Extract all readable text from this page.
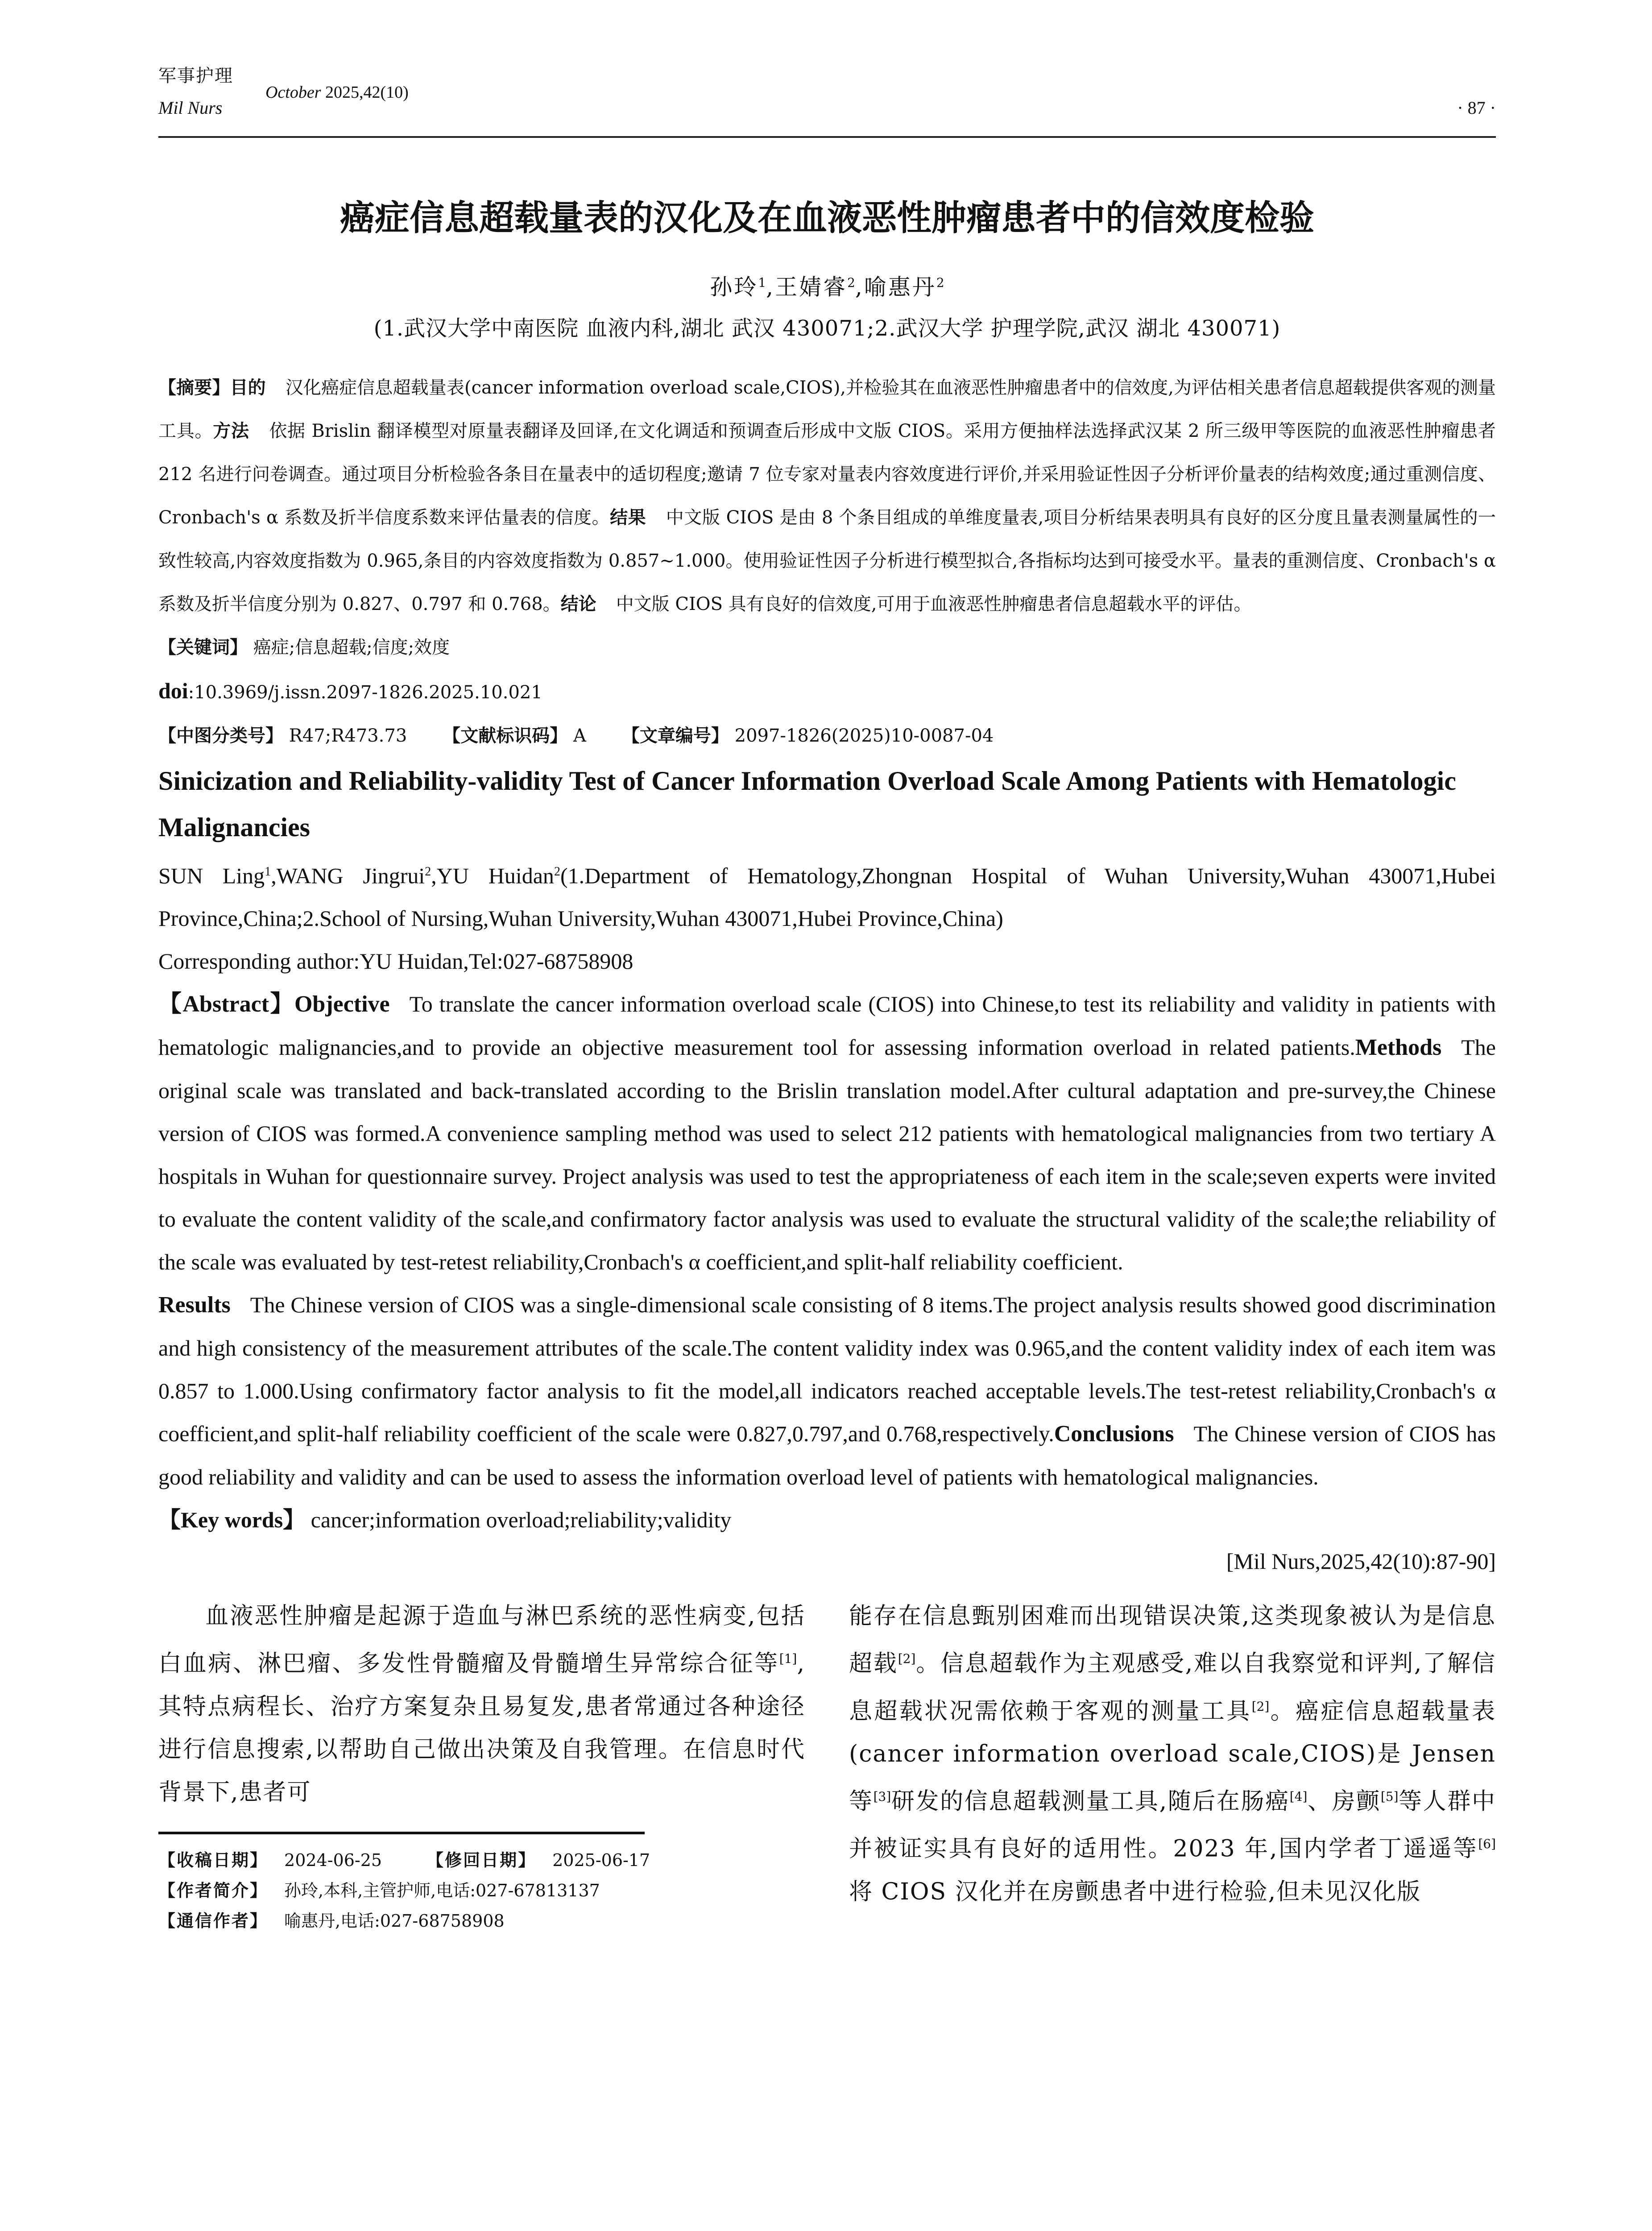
军事护理
Mil Nurs
October 2025,42(10)
· 87 ·
癌症信息超载量表的汉化及在血液恶性肿瘤患者中的信效度检验
孙玲$^1$,王婧睿$^2$,喻惠丹$^2$
(1.武汉大学中南医院 血液内科,湖北 武汉 430071;2.武汉大学 护理学院,武汉 湖北 430071)
【摘要】目的 汉化癌症信息超载量表(cancer information overload scale,CIOS),并检验其在血液恶性肿瘤患者中的信效度,为评估相关患者信息超载提供客观的测量工具。方法 依据 Brislin 翻译模型对原量表翻译及回译,在文化调适和预调查后形成中文版 CIOS。采用方便抽样法选择武汉某 2 所三级甲等医院的血液恶性肿瘤患者 212 名进行问卷调查。通过项目分析检验各条目在量表中的适切程度;邀请 7 位专家对量表内容效度进行评价,并采用验证性因子分析评价量表的结构效度;通过重测信度、Cronbach's α 系数及折半信度系数来评估量表的信度。结果 中文版 CIOS 是由 8 个条目组成的单维度量表,项目分析结果表明具有良好的区分度且量表测量属性的一致性较高,内容效度指数为 0.965,条目的内容效度指数为 0.857~1.000。使用验证性因子分析进行模型拟合,各指标均达到可接受水平。量表的重测信度、Cronbach's α 系数及折半信度分别为 0.827、0.797 和 0.768。结论 中文版 CIOS 具有良好的信效度,可用于血液恶性肿瘤患者信息超载水平的评估。
【关键词】 癌症;信息超载;信度;效度
doi:10.3969/j.issn.2097-1826.2025.10.021
【中图分类号】 R47;R473.73 【文献标识码】 A 【文章编号】 2097-1826(2025)10-0087-04
Sinicization and Reliability-validity Test of Cancer Information Overload Scale Among Patients with Hematologic Malignancies
SUN Ling$^1$,WANG Jingrui$^2$,YU Huidan$^2$(1.Department of Hematology,Zhongnan Hospital of Wuhan University,Wuhan 430071,Hubei Province,China;2.School of Nursing,Wuhan University,Wuhan 430071,Hubei Province,China)
Corresponding author:YU Huidan,Tel:027-68758908
【Abstract】Objective To translate the cancer information overload scale (CIOS) into Chinese,to test its reliability and validity in patients with hematologic malignancies,and to provide an objective measurement tool for assessing information overload in related patients.Methods The original scale was translated and back-translated according to the Brislin translation model.After cultural adaptation and pre-survey,the Chinese version of CIOS was formed.A convenience sampling method was used to select 212 patients with hematological malignancies from two tertiary A hospitals in Wuhan for questionnaire survey. Project analysis was used to test the appropriateness of each item in the scale;seven experts were invited to evaluate the content validity of the scale,and confirmatory factor analysis was used to evaluate the structural validity of the scale;the reliability of the scale was evaluated by test-retest reliability,Cronbach's α coefficient,and split-half reliability coefficient.
Results The Chinese version of CIOS was a single-dimensional scale consisting of 8 items.The project analysis results showed good discrimination and high consistency of the measurement attributes of the scale.The content validity index was 0.965,and the content validity index of each item was 0.857 to 1.000.Using confirmatory factor analysis to fit the model,all indicators reached acceptable levels.The test-retest reliability,Cronbach's α coefficient,and split-half reliability coefficient of the scale were 0.827,0.797,and 0.768,respectively.Conclusions The Chinese version of CIOS has good reliability and validity and can be used to assess the information overload level of patients with hematological malignancies.
【Key words】 cancer;information overload;reliability;validity
[Mil Nurs,2025,42(10):87-90]
血液恶性肿瘤是起源于造血与淋巴系统的恶性病变,包括白血病、淋巴瘤、多发性骨髓瘤及骨髓增生异常综合征等[1],其特点病程长、治疗方案复杂且易复发,患者常通过各种途径进行信息搜索,以帮助自己做出决策及自我管理。在信息时代背景下,患者可
【收稿日期】 2024-06-25	【修回日期】 2025-06-17
【作者简介】 孙玲,本科,主管护师,电话:027-67813137
【通信作者】 喻惠丹,电话:027-68758908
能存在信息甄别困难而出现错误决策,这类现象被认为是信息超载[2]。信息超载作为主观感受,难以自我察觉和评判,了解信息超载状况需依赖于客观的测量工具[2]。癌症信息超载量表(cancer information overload scale,CIOS)是 Jensen 等[3]研发的信息超载测量工具,随后在肠癌[4]、房颤[5]等人群中并被证实具有良好的适用性。2023 年,国内学者丁遥遥等[6]将 CIOS 汉化并在房颤患者中进行检验,但未见汉化版
